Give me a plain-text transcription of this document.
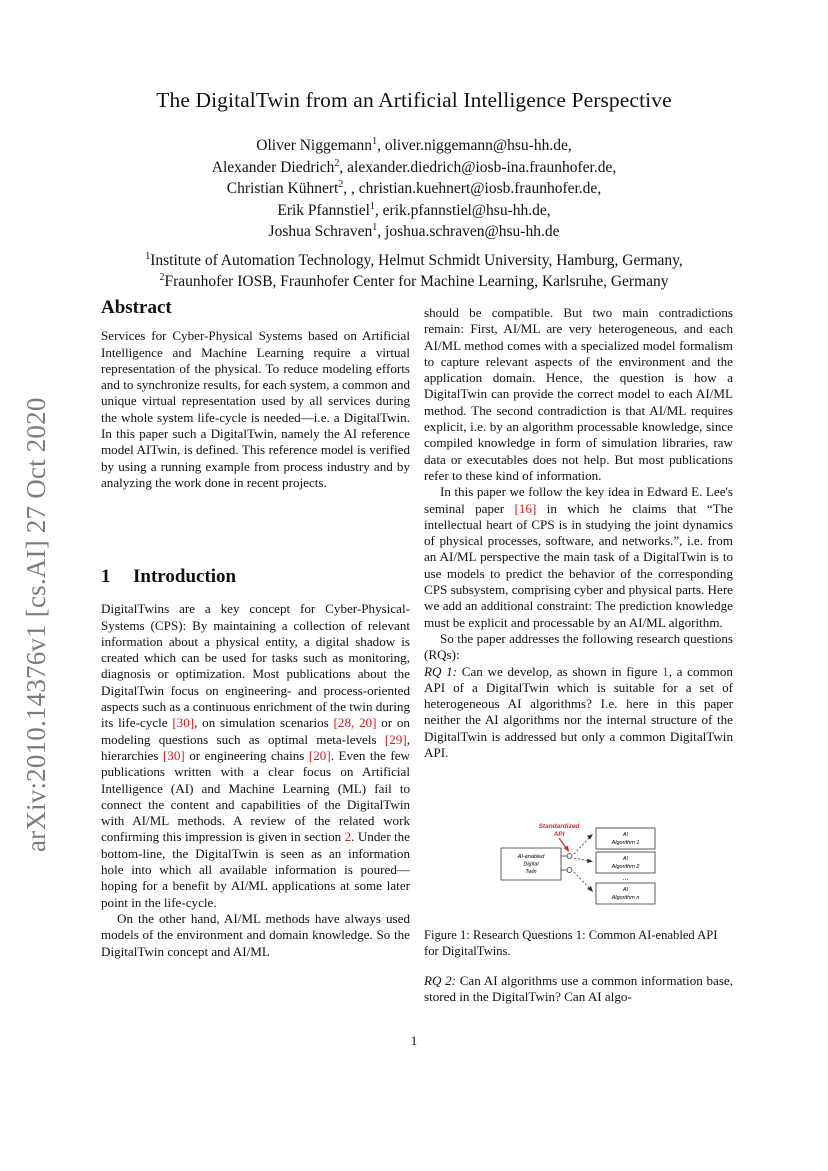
arXiv:2010.14376v1 [cs.AI] 27 Oct 2020
The DigitalTwin from an Artificial Intelligence Perspective
Oliver Niggemann$^1$, oliver.niggemann@hsu-hh.de,
Alexander Diedrich$^2$, alexander.diedrich@iosb-ina.fraunhofer.de,
Christian Kühnert$^2$, , christian.kuehnert@iosb.fraunhofer.de,
Erik Pfannstiel$^1$, erik.pfannstiel@hsu-hh.de,
Joshua Schraven$^1$, joshua.schraven@hsu-hh.de
$^1$Institute of Automation Technology, Helmut Schmidt University, Hamburg, Germany,
$^2$Fraunhofer IOSB, Fraunhofer Center for Machine Learning, Karlsruhe, Germany
Abstract

Services for Cyber-Physical Systems based on Artificial Intelligence and Machine Learning require a virtual representation of the physical. To reduce modeling efforts and to synchronize results, for each system, a common and unique virtual representation used by all services during the whole system life-cycle is needed—i.e. a DigitalTwin. In this paper such a DigitalTwin, namely the AI reference model AITwin, is defined. This reference model is verified by using a running example from process industry and by analyzing the work done in recent projects.

1 Introduction

DigitalTwins are a key concept for Cyber-Physical-Systems (CPS): By maintaining a collection of relevant information about a physical entity, a digital shadow is created which can be used for tasks such as monitoring, diagnosis or optimization. Most publications about the DigitalTwin focus on engineering- and process-oriented aspects such as a continuous enrichment of the twin during its life-cycle [30], on simulation scenarios [28, 20] or on modeling questions such as optimal meta-levels [29], hierarchies [30] or engineering chains [20]. Even the few publications written with a clear focus on Artificial Intelligence (AI) and Machine Learning (ML) fail to connect the content and capabilities of the DigitalTwin with AI/ML methods. A review of the related work confirming this impression is given in section 2. Under the bottom-line, the DigitalTwin is seen as an information hole into which all available information is poured—hoping for a benefit by AI/ML applications at some later point in the life-cycle.

On the other hand, AI/ML methods have always used models of the environment and domain knowledge. So the DigitalTwin concept and AI/ML

should be compatible. But two main contradictions remain: First, AI/ML are very heterogeneous, and each AI/ML method comes with a specialized model formalism to capture relevant aspects of the environment and the application domain. Hence, the question is how a DigitalTwin can provide the correct model to each AI/ML method. The second contradiction is that AI/ML requires explicit, i.e. by an algorithm processable knowledge, since compiled knowledge in form of simulation libraries, raw data or executables does not help. But most publications refer to these kind of information.

In this paper we follow the key idea in Edward E. Lee's seminal paper [16] in which he claims that “The intellectual heart of CPS is in studying the joint dynamics of physical processes, software, and networks.”, i.e. from an AI/ML perspective the main task of a DigitalTwin is to use models to predict the behavior of the corresponding CPS subsystem, comprising cyber and physical parts. Here we add an additional constraint: The prediction knowledge must be explicit and processable by an AI/ML algorithm.

So the paper addresses the following research questions (RQs):

RQ 1: Can we develop, as shown in figure 1, a common API of a DigitalTwin which is suitable for a set of heterogeneous AI algorithms? I.e. here in this paper neither the AI algorithms nor the internal structure of the DigitalTwin is addressed but only a common DigitalTwin API.

Standardized
API
AI-enabled
Digital
Twin
AI
Algorithm 1
AI
Algorithm 2
...
AI
Algorithm n
Figure 1: Research Questions 1: Common AI-enabled API for DigitalTwins.

RQ 2: Can AI algorithms use a common information base, stored in the DigitalTwin? Can AI algo-

1
